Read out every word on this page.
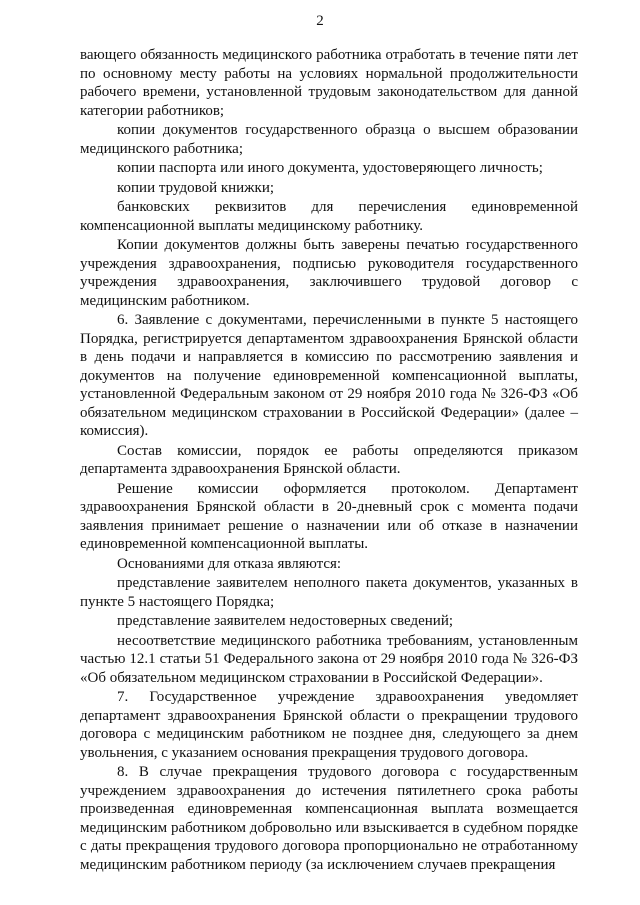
2

вающего обязанность медицинского работника отработать в течение пяти лет по основному месту работы на условиях нормальной продолжительности рабочего времени, установленной трудовым законодательством для данной категории работников;

копии документов государственного образца о высшем образовании медицинского работника;

копии паспорта или иного документа, удостоверяющего личность;

копии трудовой книжки;

банковских реквизитов для перечисления единовременной компенсационной выплаты медицинскому работнику.

Копии документов должны быть заверены печатью государственного учреждения здравоохранения, подписью руководителя государственного учреждения здравоохранения, заключившего трудовой договор с медицинским работником.

6. Заявление с документами, перечисленными в пункте 5 настоящего Порядка, регистрируется департаментом здравоохранения Брянской области в день подачи и направляется в комиссию по рассмотрению заявления и документов на получение единовременной компенсационной выплаты, установленной Федеральным законом от 29 ноября 2010 года № 326-ФЗ «Об обязательном медицинском страховании в Российской Федерации» (далее – комиссия).

Состав комиссии, порядок ее работы определяются приказом департамента здравоохранения Брянской области.

Решение комиссии оформляется протоколом. Департамент здравоохранения Брянской области в 20-дневный срок с момента подачи заявления принимает решение о назначении или об отказе в назначении единовременной компенсационной выплаты.

Основаниями для отказа являются:

представление заявителем неполного пакета документов, указанных в пункте 5 настоящего Порядка;

представление заявителем недостоверных сведений;

несоответствие медицинского работника требованиям, установленным частью 12.1 статьи 51 Федерального закона от 29 ноября 2010 года № 326-ФЗ «Об обязательном медицинском страховании в Российской Федерации».

7. Государственное учреждение здравоохранения уведомляет департамент здравоохранения Брянской области о прекращении трудового договора с медицинским работником не позднее дня, следующего за днем увольнения, с указанием основания прекращения трудового договора.

8. В случае прекращения трудового договора с государственным учреждением здравоохранения до истечения пятилетнего срока работы произведенная единовременная компенсационная выплата возмещается медицинским работником добровольно или взыскивается в судебном порядке с даты прекращения трудового договора пропорционально не отработанному медицинским работником периоду (за исключением случаев прекращения
